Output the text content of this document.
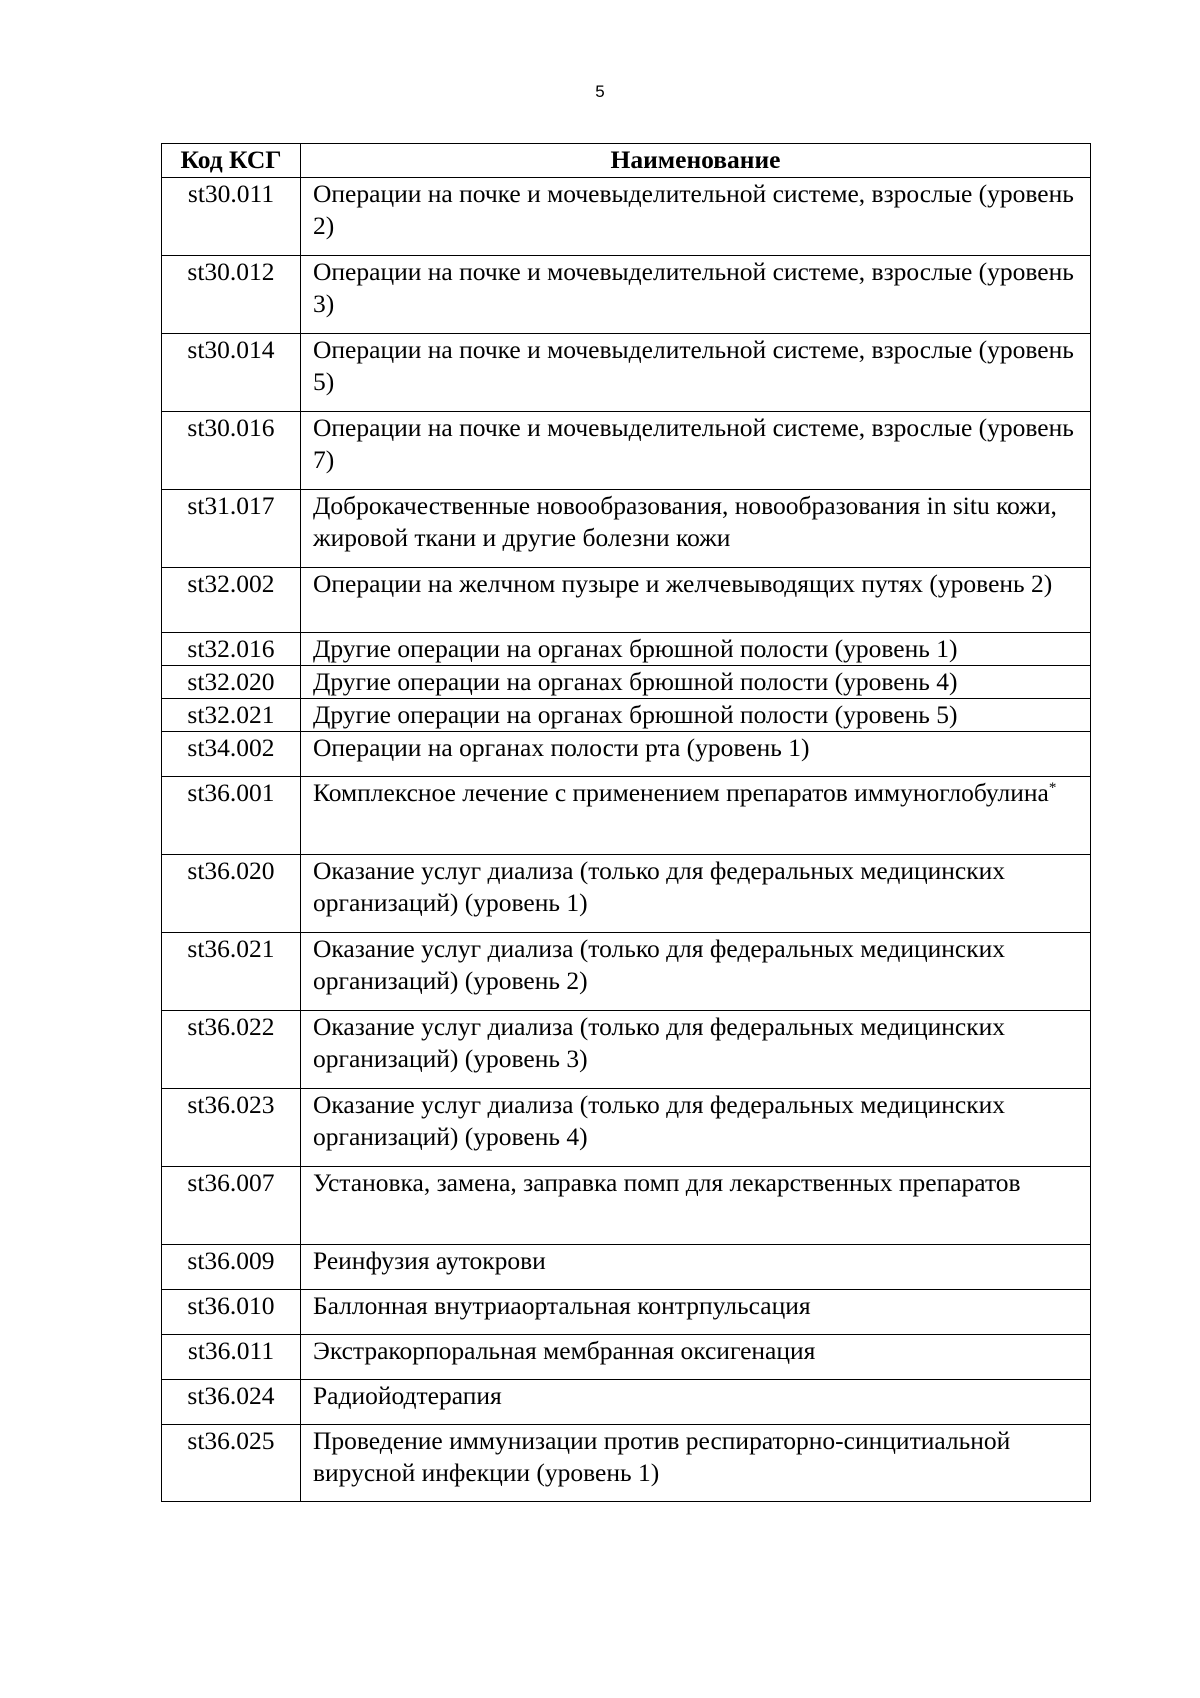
5
Код КСГ	Наименование
st30.011	Операции на почке и мочевыделительной системе, взрослые (уровень 2)
st30.012	Операции на почке и мочевыделительной системе, взрослые (уровень 3)
st30.014	Операции на почке и мочевыделительной системе, взрослые (уровень 5)
st30.016	Операции на почке и мочевыделительной системе, взрослые (уровень 7)
st31.017	Доброкачественные новообразования, новообразования in situ кожи, жировой ткани и другие болезни кожи
st32.002	Операции на желчном пузыре и желчевыводящих путях (уровень 2)
st32.016	Другие операции на органах брюшной полости (уровень 1)
st32.020	Другие операции на органах брюшной полости (уровень 4)
st32.021	Другие операции на органах брюшной полости (уровень 5)
st34.002	Операции на органах полости рта (уровень 1)
st36.001	Комплексное лечение с применением препаратов иммуноглобулина*
st36.020	Оказание услуг диализа (только для федеральных медицинских организаций) (уровень 1)
st36.021	Оказание услуг диализа (только для федеральных медицинских организаций) (уровень 2)
st36.022	Оказание услуг диализа (только для федеральных медицинских организаций) (уровень 3)
st36.023	Оказание услуг диализа (только для федеральных медицинских организаций) (уровень 4)
st36.007	Установка, замена, заправка помп для лекарственных препаратов
st36.009	Реинфузия аутокрови
st36.010	Баллонная внутриаортальная контрпульсация
st36.011	Экстракорпоральная мембранная оксигенация
st36.024	Радиойодтерапия
st36.025	Проведение иммунизации против респираторно-синцитиальной вирусной инфекции (уровень 1)
